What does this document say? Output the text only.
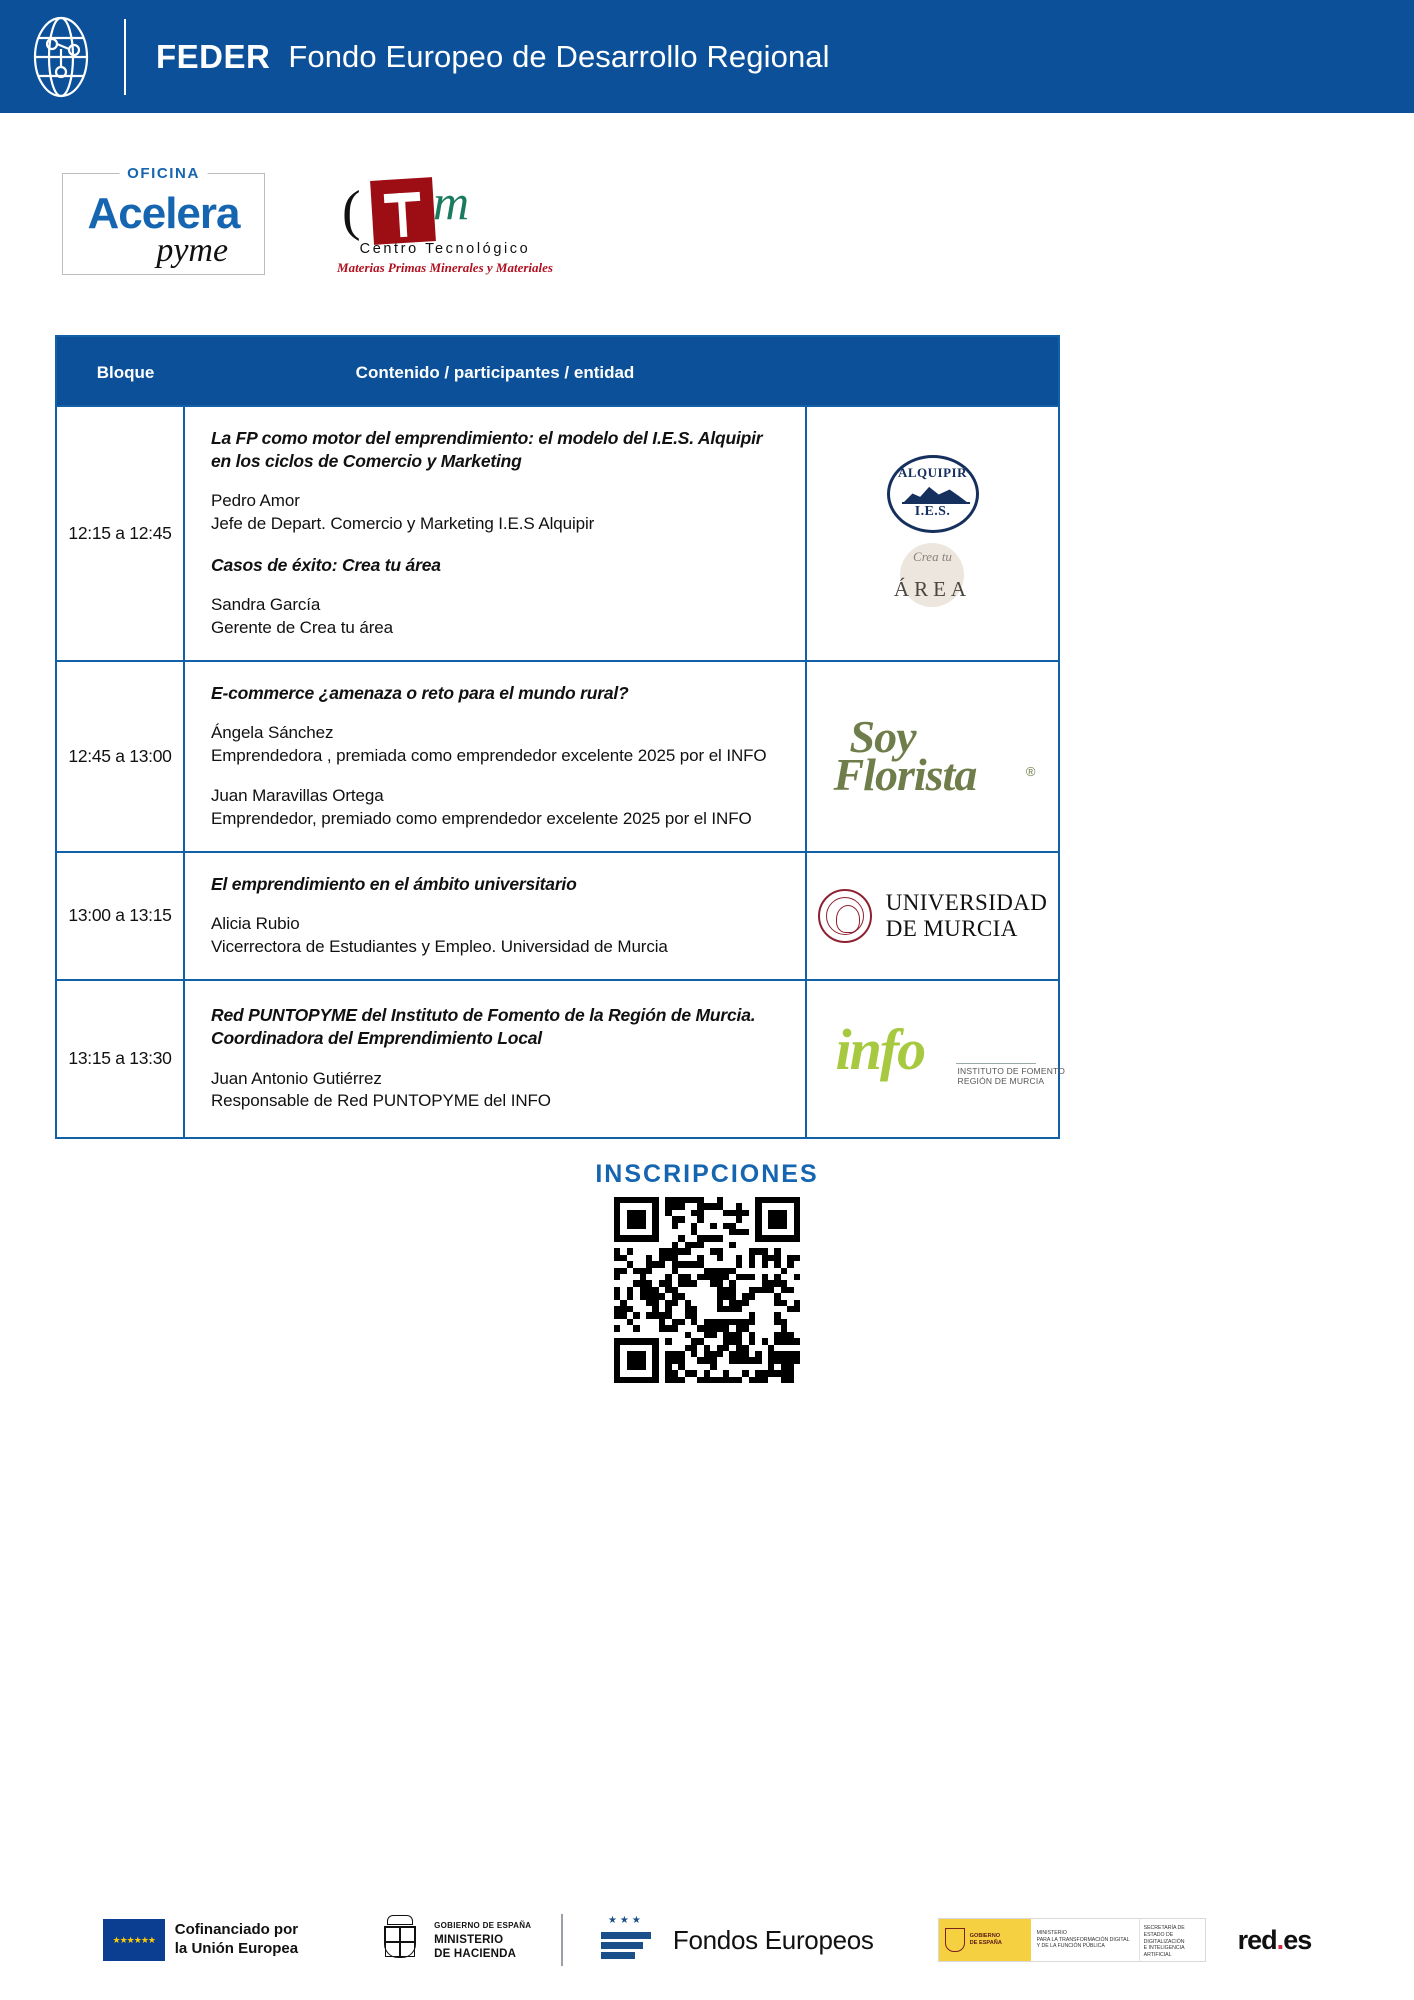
FEDER Fondo Europeo de Desarrollo Regional
OFICINA
Acelera
pyme
( m
Centro Tecnológico
Materias Primas Minerales y Materiales
Bloque	Contenido / participantes / entidad	
12:15 a 12:45	
La FP como motor del emprendimiento: el modelo del I.E.S. Alquipir en los ciclos de Comercio y Marketing
Pedro Amor
Jefe de Depart. Comercio y Marketing I.E.S Alquipir
Casos de éxito: Crea tu área
Sandra García
Gerente de Crea tu área

ALQUIPIR
I.E.S.
Crea tu
ÁREA

12:45 a 13:00	
E-commerce ¿amenaza o reto para el mundo rural?
Ángela Sánchez
Emprendedora , premiada como emprendedor excelente 2025 por el INFO
Juan Maravillas Ortega
Emprendedor, premiado como emprendedor excelente 2025 por el INFO

Soy
Florista	®

13:00 a 13:15	
El emprendimiento en el ámbito universitario
Alicia Rubio
Vicerrectora de Estudiantes y Empleo. Universidad de Murcia

UNIVERSIDAD
DE MURCIA

13:15 a 13:30	
Red PUNTOPYME del Instituto de Fomento de la Región de Murcia. Coordinadora del Emprendimiento Local
Juan Antonio Gutiérrez
Responsable de Red PUNTOPYME del INFO

info	INSTITUTO DE FOMENTO
REGIÓN DE MURCIA
INSCRIPCIONES
★★★★★★
Cofinanciado por
la Unión Europea
GOBIERNO DE ESPAÑA
MINISTERIO
DE HACIENDA
★★★
Fondos Europeos	GOBIERNO
DE ESPAÑA
MINISTERIO
PARA LA TRANSFORMACIÓN DIGITAL
Y DE LA FUNCIÓN PÚBLICA
SECRETARÍA DE ESTADO DE DIGITALIZACIÓN
E INTELIGENCIA ARTIFICIAL
red.es
